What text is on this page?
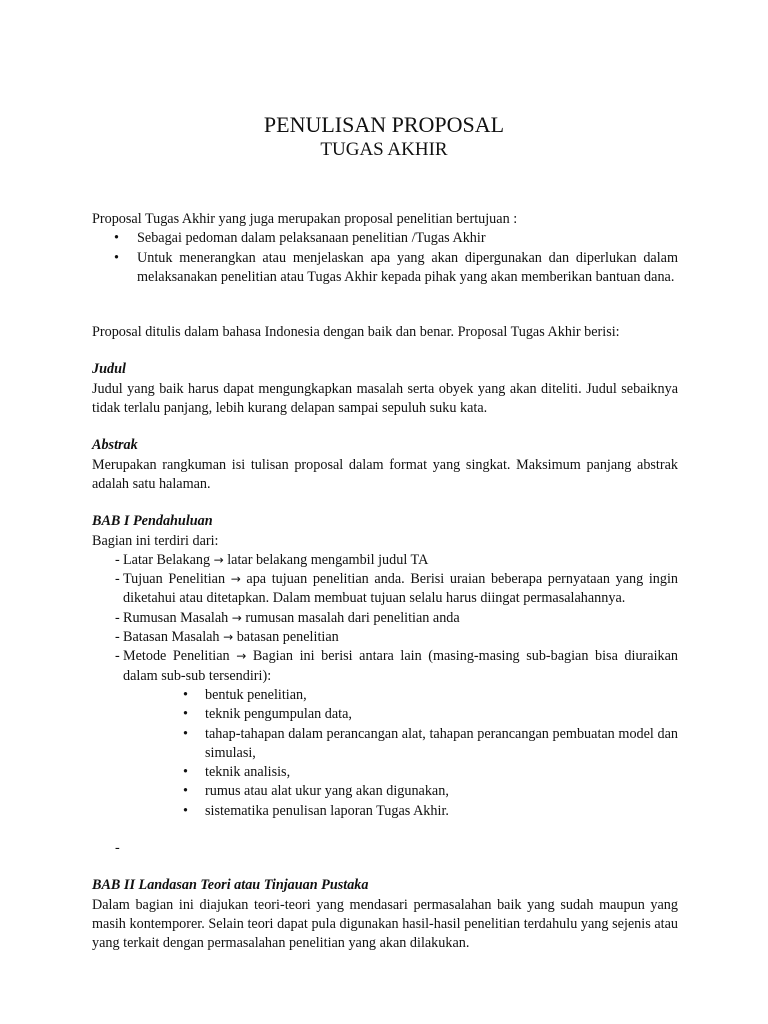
PENULISAN PROPOSAL
TUGAS AKHIR

Proposal Tugas Akhir yang juga merupakan proposal penelitian bertujuan :

• Sebagai pedoman dalam pelaksanaan penelitian /Tugas Akhir
• Untuk menerangkan atau menjelaskan apa yang akan dipergunakan dan diperlukan dalam melaksanakan penelitian atau Tugas Akhir kepada pihak yang akan memberikan bantuan dana.

Proposal ditulis dalam bahasa Indonesia dengan baik dan benar. Proposal Tugas Akhir berisi:

Judul

Judul yang baik harus dapat mengungkapkan masalah serta obyek yang akan diteliti. Judul sebaiknya tidak terlalu panjang, lebih kurang delapan sampai sepuluh suku kata.

Abstrak

Merupakan rangkuman isi tulisan proposal dalam format yang singkat. Maksimum panjang abstrak adalah satu halaman.

BAB I Pendahuluan

Bagian ini terdiri dari:

- Latar Belakang → latar belakang mengambil judul TA
- Tujuan Penelitian → apa tujuan penelitian anda. Berisi uraian beberapa pernyataan yang ingin diketahui atau ditetapkan. Dalam membuat tujuan selalu harus diingat permasalahannya.
- Rumusan Masalah → rumusan masalah dari penelitian anda
- Batasan Masalah → batasan penelitian
- Metode Penelitian → Bagian ini berisi antara lain (masing-masing sub-bagian bisa diuraikan dalam sub-sub tersendiri):
• bentuk penelitian,
• teknik pengumpulan data,
• tahap-tahapan dalam perancangan alat, tahapan perancangan pembuatan model dan simulasi,
• teknik analisis,
• rumus atau alat ukur yang akan digunakan,
• sistematika penulisan laporan Tugas Akhir.
-

BAB II Landasan Teori atau Tinjauan Pustaka

Dalam bagian ini diajukan teori-teori yang mendasari permasalahan baik yang sudah maupun yang masih kontemporer. Selain teori dapat pula digunakan hasil-hasil penelitian terdahulu yang sejenis atau yang terkait dengan permasalahan penelitian yang akan dilakukan.
